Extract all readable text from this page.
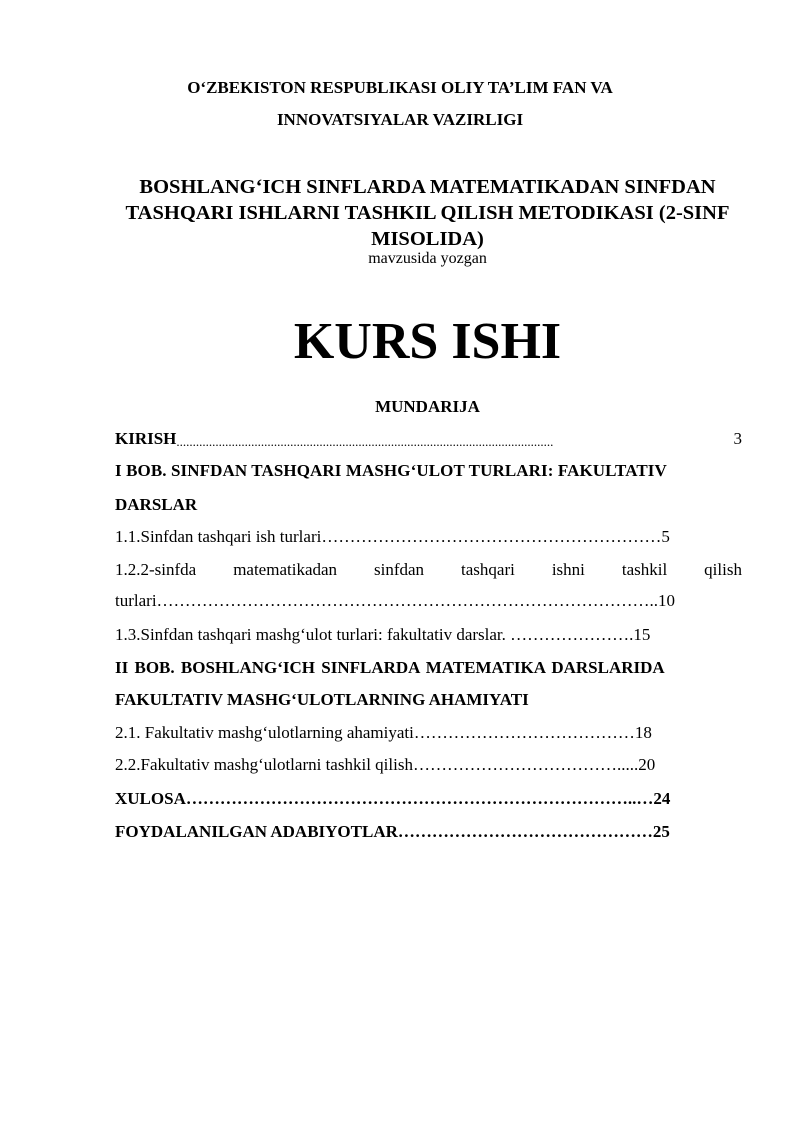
O‘ZBEKISTON RESPUBLIKASI OLIY TA’LIM FAN VA
INNOVATSIYALAR VAZIRLIGI
BOSHLANG‘ICH SINFLARDA MATEMATIKADAN SINFDAN TASHQARI ISHLARNI TASHKIL QILISH METODIKASI (2-SINF MISOLIDA)
mavzusida yozgan
KURS ISHI
MUNDARIJA
KIRISH ....................................................................................................................	3
I BOB. SINFDAN TASHQARI MASHG‘ULOT TURLARI: FAKULTATIV
DARSLAR
1.1.Sinfdan tashqari ish turlari……………………………………………………5
1.2.2-sinfda matematikadan sinfdan tashqari ishni tashkil qilish
turlari……………………………………………………………………………..10
1.3.Sinfdan tashqari mashg‘ulot turlari: fakultativ darslar. ………………….15
II BOB. BOSHLANG‘ICH SINFLARDA MATEMATIKA DARSLARIDA
FAKULTATIV MASHG‘ULOTLARNING AHAMIYATI
2.1. Fakultativ mashg‘ulotlarning ahamiyati…………………………………18
2.2.Fakultativ mashg‘ulotlarni tashkil qilish……………………………….....20
XULOSA……………………………………………………………………..…24
FOYDALANILGAN ADABIYOTLAR………………………………………25
